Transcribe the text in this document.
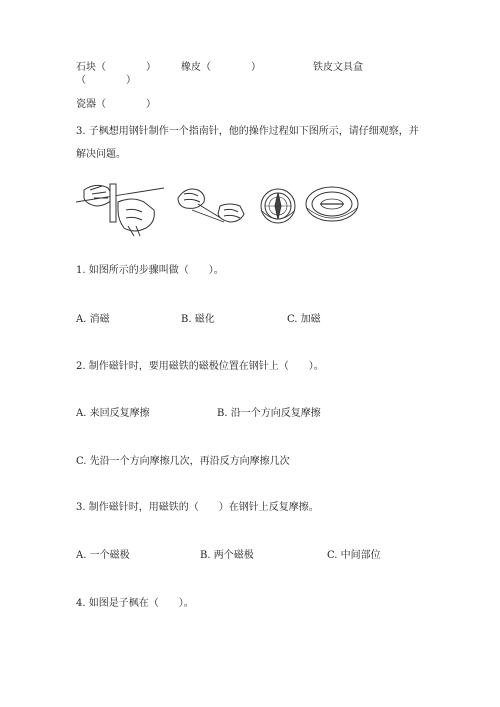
石块（　　　　）	橡皮（　　　　）	铁皮文具盒
（　　　　）
瓷器（　　　　）
3. 子枫想用钢针制作一个指南针，他的操作过程如下图所示，请仔细观察，并
解决问题。
1. 如图所示的步骤叫做（　　）。
A. 消磁	B. 磁化	C. 加磁
2. 制作磁针时，要用磁铁的磁极位置在钢针上（　　）。
A. 来回反复摩擦	B. 沿一个方向反复摩擦
C. 先沿一个方向摩擦几次，再沿反方向摩擦几次
3. 制作磁针时，用磁铁的（　　）在钢针上反复摩擦。
A. 一个磁极	B. 两个磁极	C. 中间部位
4. 如图是子枫在（　　）。
